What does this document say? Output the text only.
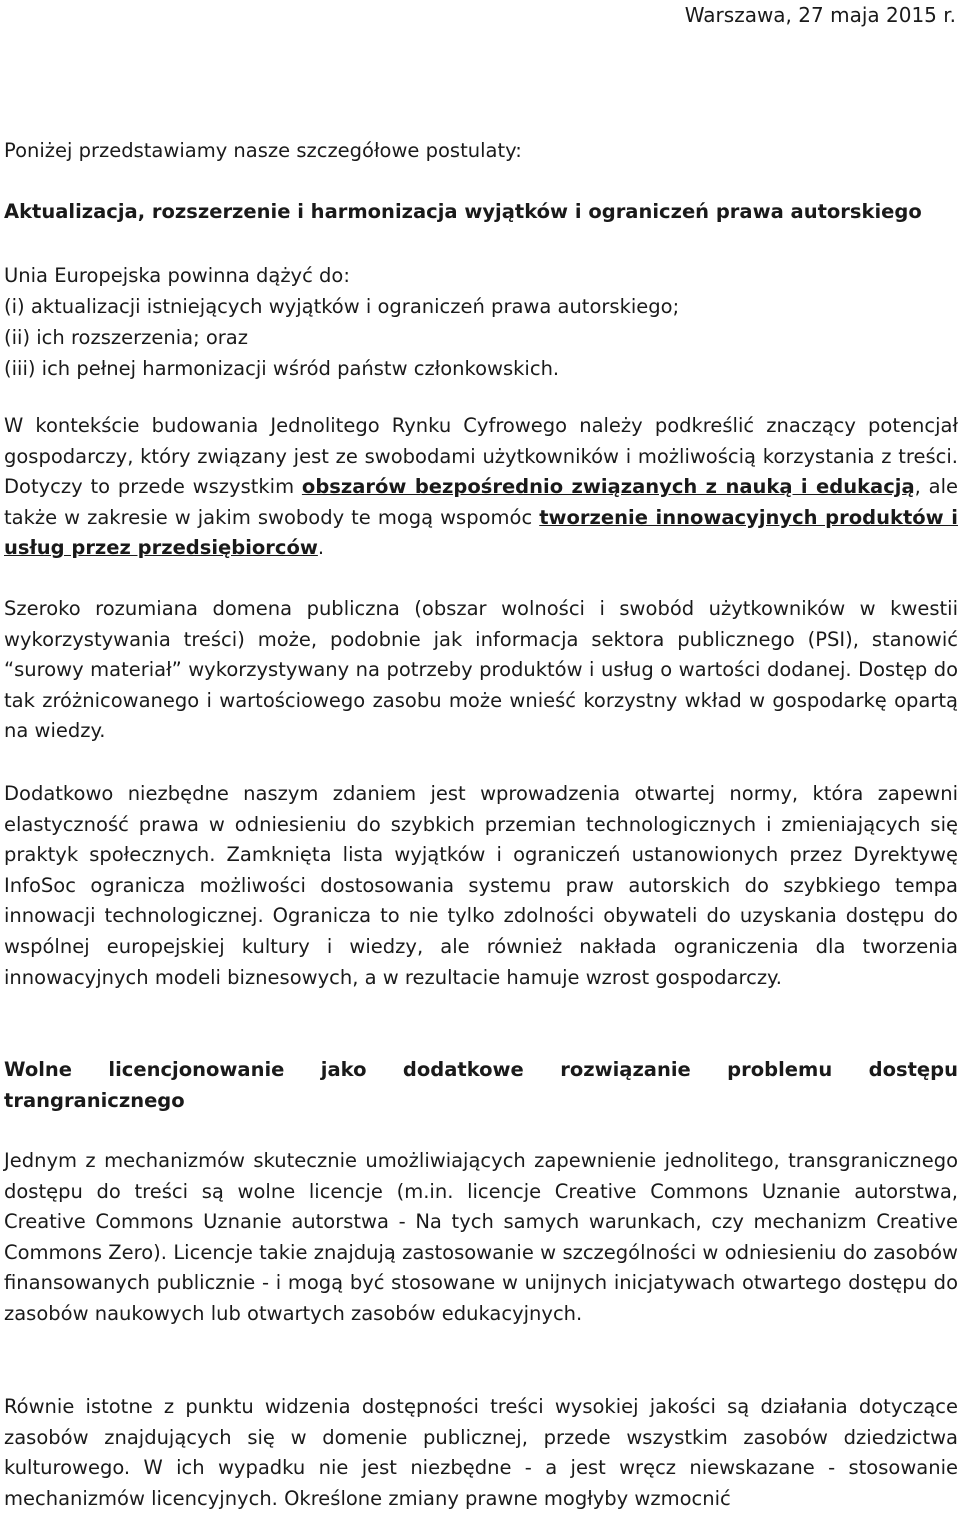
Warszawa, 27 maja 2015 r.

Poniżej przedstawiamy nasze szczegółowe postulaty:

Aktualizacja, rozszerzenie i harmonizacja wyjątków i ograniczeń prawa autorskiego
Unia Europejska powinna dążyć do:
(i) aktualizacji istniejących wyjątków i ograniczeń prawa autorskiego;
(ii) ich rozszerzenia; oraz
(iii) ich pełnej harmonizacji wśród państw członkowskich.

W kontekście budowania Jednolitego Rynku Cyfrowego należy podkreślić znaczący potencjał gospodarczy, który związany jest ze swobodami użytkowników i możliwością korzystania z treści. Dotyczy to przede wszystkim obszarów bezpośrednio związanych z nauką i edukacją, ale także w zakresie w jakim swobody te mogą wspomóc tworzenie innowacyjnych produktów i usług przez przedsiębiorców.

Szeroko rozumiana domena publiczna (obszar wolności i swobód użytkowników w kwestii wykorzystywania treści) może, podobnie jak informacja sektora publicznego (PSI), stanowić “surowy materiał” wykorzystywany na potrzeby produktów i usług o wartości dodanej. Dostęp do tak zróżnicowanego i wartościowego zasobu może wnieść korzystny wkład w gospodarkę opartą na wiedzy.

Dodatkowo niezbędne naszym zdaniem jest wprowadzenia otwartej normy, która zapewni elastyczność prawa w odniesieniu do szybkich przemian technologicznych i zmieniających się praktyk społecznych. Zamknięta lista wyjątków i ograniczeń ustanowionych przez Dyrektywę InfoSoc ogranicza możliwości dostosowania systemu praw autorskich do szybkiego tempa innowacji technologicznej. Ogranicza to nie tylko zdolności obywateli do uzyskania dostępu do wspólnej europejskiej kultury i wiedzy, ale również nakłada ograniczenia dla tworzenia innowacyjnych modeli biznesowych, a w rezultacie hamuje wzrost gospodarczy.

Wolne licencjonowanie jako dodatkowe rozwiązanie problemu dostępu trangranicznego

Jednym z mechanizmów skutecznie umożliwiających zapewnienie jednolitego, transgranicznego dostępu do treści są wolne licencje (m.in. licencje Creative Commons Uznanie autorstwa, Creative Commons Uznanie autorstwa - Na tych samych warunkach, czy mechanizm Creative Commons Zero). Licencje takie znajdują zastosowanie w szczególności w odniesieniu do zasobów finansowanych publicznie - i mogą być stosowane w unijnych inicjatywach otwartego dostępu do zasobów naukowych lub otwartych zasobów edukacyjnych.

Równie istotne z punktu widzenia dostępności treści wysokiej jakości są działania dotyczące zasobów znajdujących się w domenie publicznej, przede wszystkim zasobów dziedzictwa kulturowego. W ich wypadku nie jest niezbędne - a jest wręcz niewskazane - stosowanie mechanizmów licencyjnych. Określone zmiany prawne mogłyby wzmocnić
